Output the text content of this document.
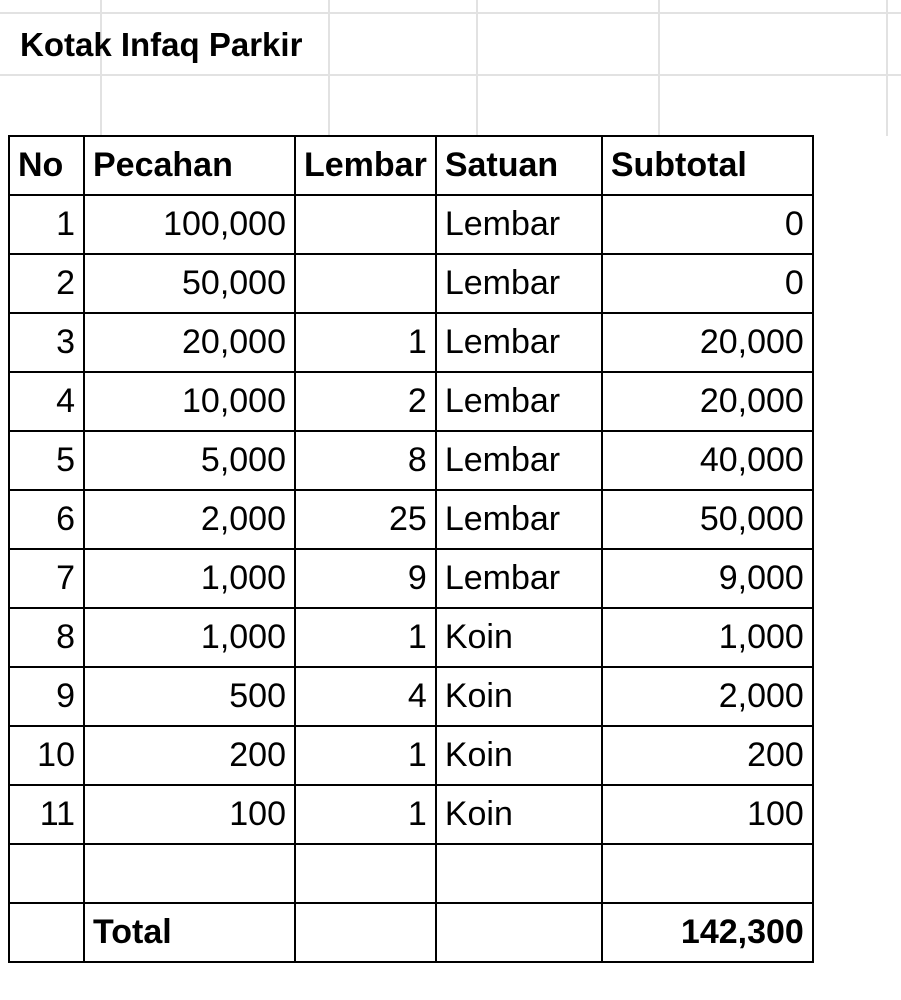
Kotak Infaq Parkir
No	Pecahan	Lembar	Satuan	Subtotal
1	100,000		Lembar	0
2	50,000		Lembar	0
3	20,000	1	Lembar	20,000
4	10,000	2	Lembar	20,000
5	5,000	8	Lembar	40,000
6	2,000	25	Lembar	50,000
7	1,000	9	Lembar	9,000
8	1,000	1	Koin	1,000
9	500	4	Koin	2,000
10	200	1	Koin	200
11	100	1	Koin	100

	Total			142,300
